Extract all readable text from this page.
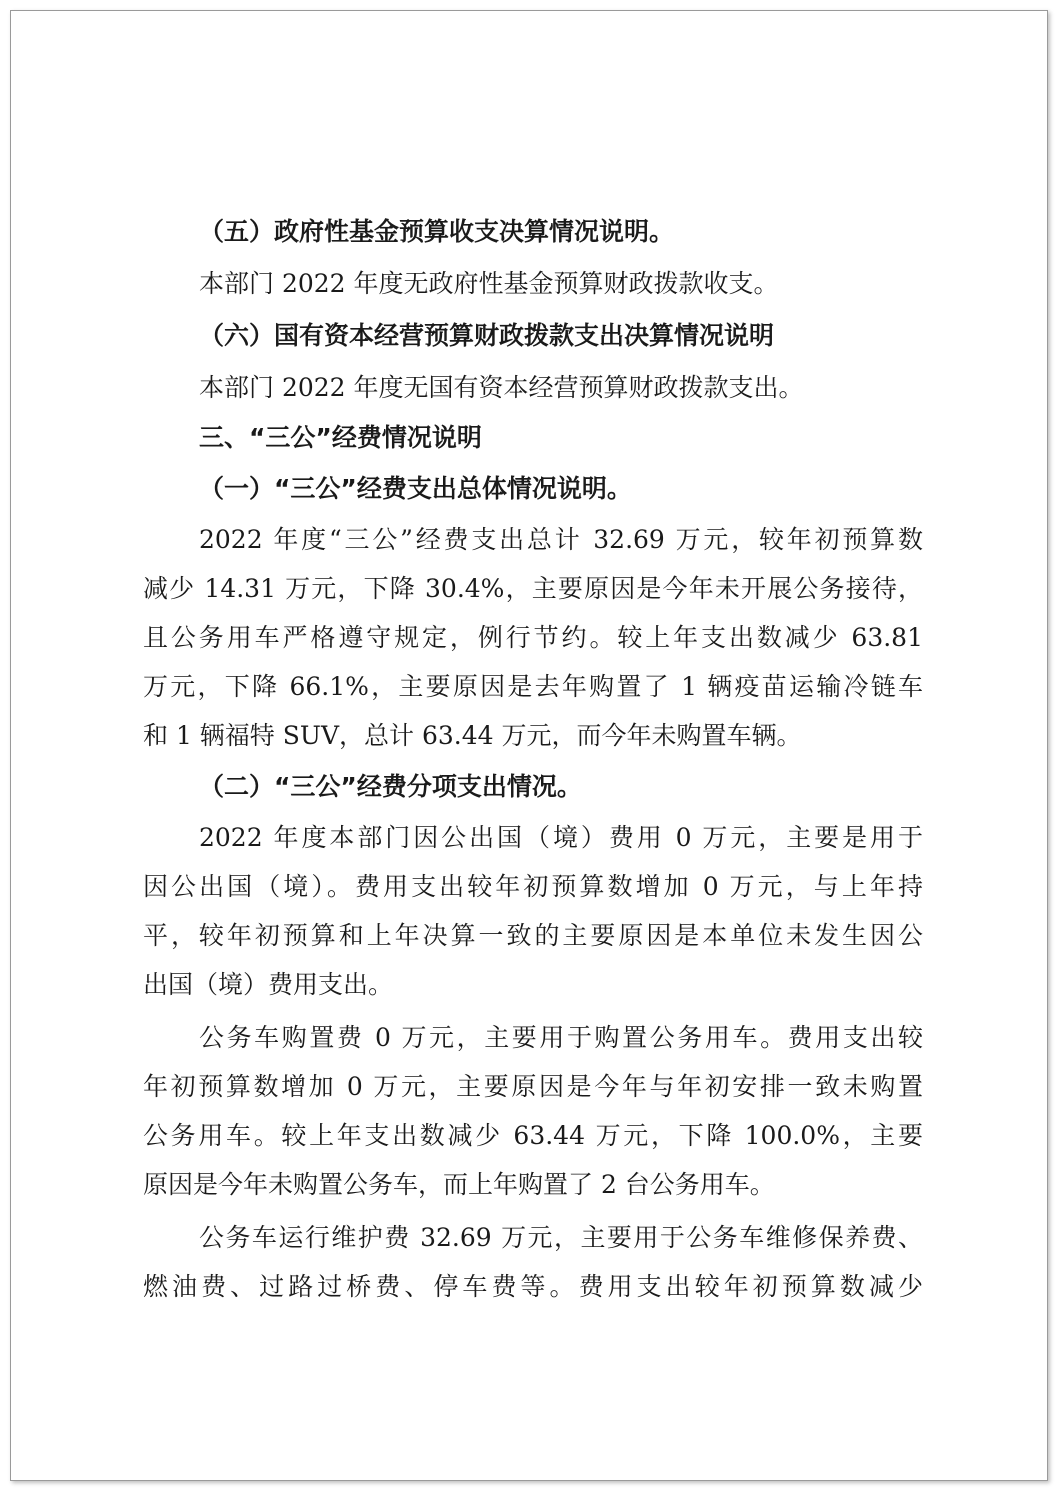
（五）政府性基金预算收支决算情况说明。
本部门 2022 年度无政府性基金预算财政拨款收支。
（六）国有资本经营预算财政拨款支出决算情况说明
本部门 2022 年度无国有资本经营预算财政拨款支出。
三、“三公”经费情况说明
（一）“三公”经费支出总体情况说明。
2022 年度“三公”经费支出总计 32.69 万元，较年初预算数
减少 14.31 万元，下降 30.4%，主要原因是今年未开展公务接待，
且公务用车严格遵守规定，例行节约。较上年支出数减少 63.81
万元，下降 66.1%，主要原因是去年购置了 1 辆疫苗运输冷链车
和 1 辆福特 SUV，总计 63.44 万元，而今年未购置车辆。
（二）“三公”经费分项支出情况。
2022 年度本部门因公出国（境）费用 0 万元，主要是用于
因公出国（境）。费用支出较年初预算数增加 0 万元，与上年持
平，较年初预算和上年决算一致的主要原因是本单位未发生因公
出国（境）费用支出。
公务车购置费 0 万元，主要用于购置公务用车。费用支出较
年初预算数增加 0 万元，主要原因是今年与年初安排一致未购置
公务用车。较上年支出数减少 63.44 万元，下降 100.0%，主要
原因是今年未购置公务车，而上年购置了 2 台公务用车。
公务车运行维护费 32.69 万元，主要用于公务车维修保养费、
燃油费、过路过桥费、停车费等。费用支出较年初预算数减少
